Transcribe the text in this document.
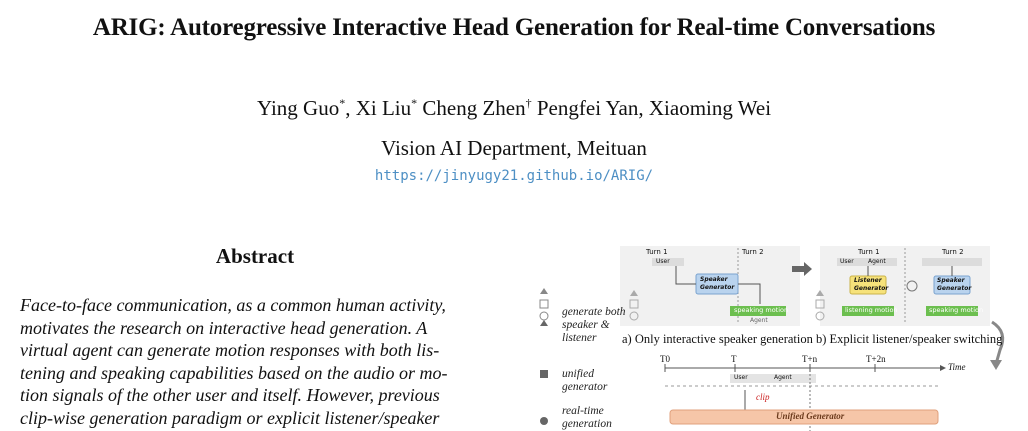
ARIG: Autoregressive Interactive Head Generation for Real-time Conversations
Ying Guo*, Xi Liu* Cheng Zhen† Pengfei Yan, Xiaoming Wei
Vision AI Department, Meituan
https://jinyugy21.github.io/ARIG/
Abstract
Face-to-face communication, as a common human activity,
motivates the research on interactive head generation. A
virtual agent can generate motion responses with both lis-
tening and speaking capabilities based on the audio or mo-
tion signals of the other user and itself. However, previous
clip-wise generation paradigm or explicit listener/speaker
generate both
speaker &
listener
unified
generator
real-time
generation
Turn 1	Turn 2
User
Speaker
Generator
speaking motion
Agent
a) Only interactive speaker generation
Turn 1	Turn 2
User Agent
Listener
Generator
Speaker
Generator
listening motion	speaking motion
b) Explicit listener/speaker switching
T0	T	T+n	T+2n
Time
User	Agent
clip
Unified Generator
